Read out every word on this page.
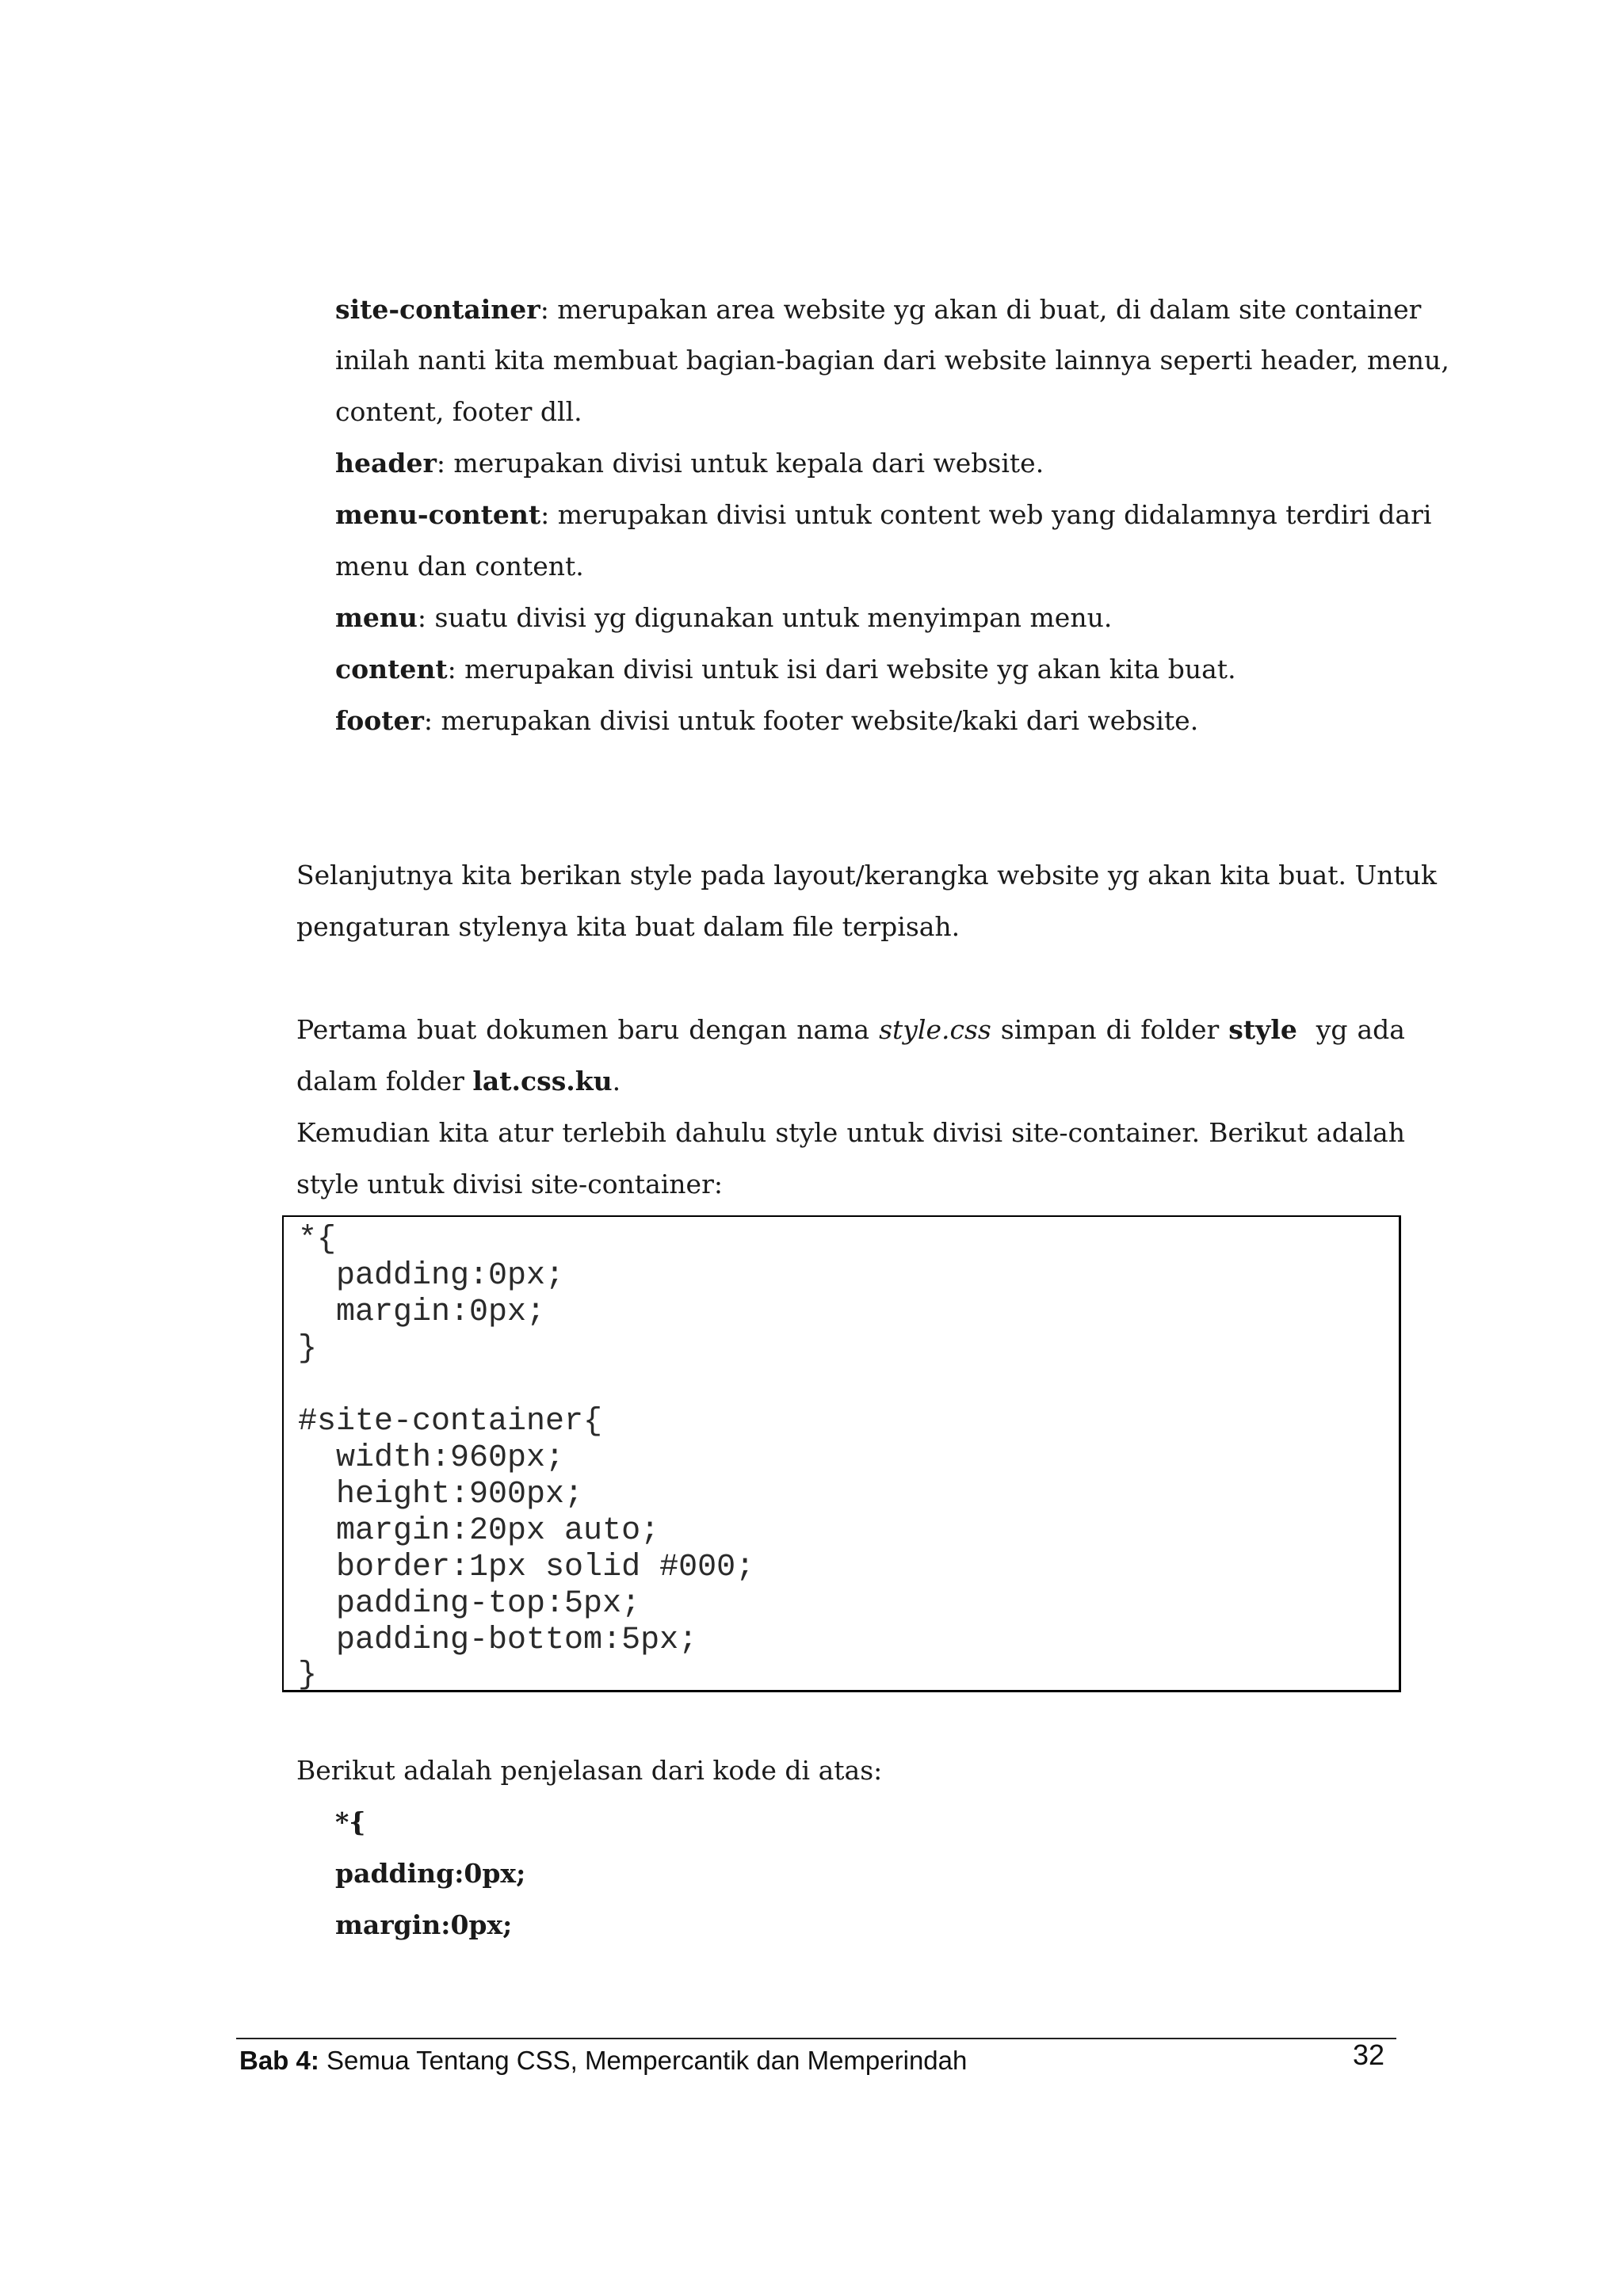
site-container: merupakan area website yg akan di buat, di dalam site container
inilah nanti kita membuat bagian-bagian dari website lainnya seperti header, menu,
content, footer dll.
header: merupakan divisi untuk kepala dari website.
menu-content: merupakan divisi untuk content web yang didalamnya terdiri dari
menu dan content.
menu: suatu divisi yg digunakan untuk menyimpan menu.
content: merupakan divisi untuk isi dari website yg akan kita buat.
footer: merupakan divisi untuk footer website/kaki dari website.
Selanjutnya kita berikan style pada layout/kerangka website yg akan kita buat. Untuk
pengaturan stylenya kita buat dalam file terpisah.
Pertama buat dokumen baru dengan nama style.css simpan di folder style  yg ada
dalam folder lat.css.ku.
Kemudian kita atur terlebih dahulu style untuk divisi site-container. Berikut adalah
style untuk divisi site-container:
*{
padding:0px;
margin:0px;
}
#site-container{
width:960px;
height:900px;
margin:20px auto;
border:1px solid #000;
padding-top:5px;
padding-bottom:5px;
}
Berikut adalah penjelasan dari kode di atas:
*{
padding:0px;
margin:0px;
Bab 4: Semua Tentang CSS, Mempercantik dan Memperindah	32
